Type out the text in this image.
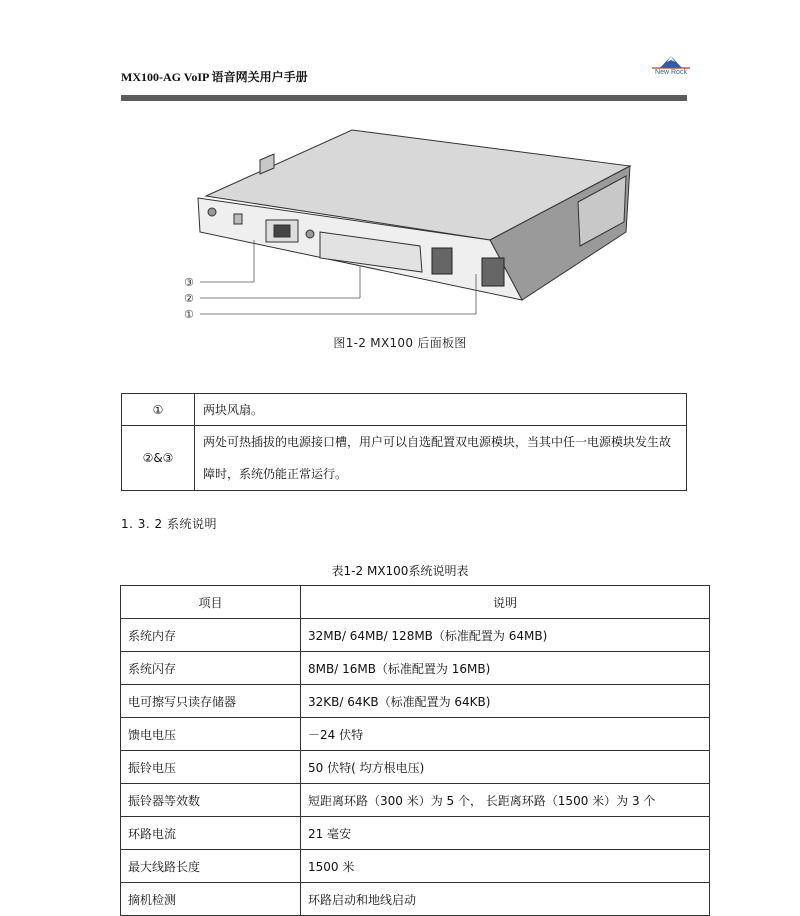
MX100-AG VoIP 语音网关用户手册	New Rock
③
②
①
图1-2 MX100 后面板图
①	两块风扇。
②&③	两处可热插拔的电源接口槽，用户可以自选配置双电源模块，当其中任一电源模块发生故障时，系统仍能正常运行。
1. 3. 2 系统说明
表1-2 MX100系统说明表
项目	说明
系统内存	32MB/ 64MB/ 128MB（标准配置为 64MB)
系统闪存	8MB/ 16MB（标准配置为 16MB)
电可擦写只读存储器	32KB/ 64KB（标准配置为 64KB)
馈电电压	－24 伏特
振铃电压	50 伏特( 均方根电压)
振铃器等效数	短距离环路（300 米）为 5 个， 长距离环路（1500 米）为 3 个
环路电流	21 毫安
最大线路长度	1500 米
摘机检测	环路启动和地线启动
